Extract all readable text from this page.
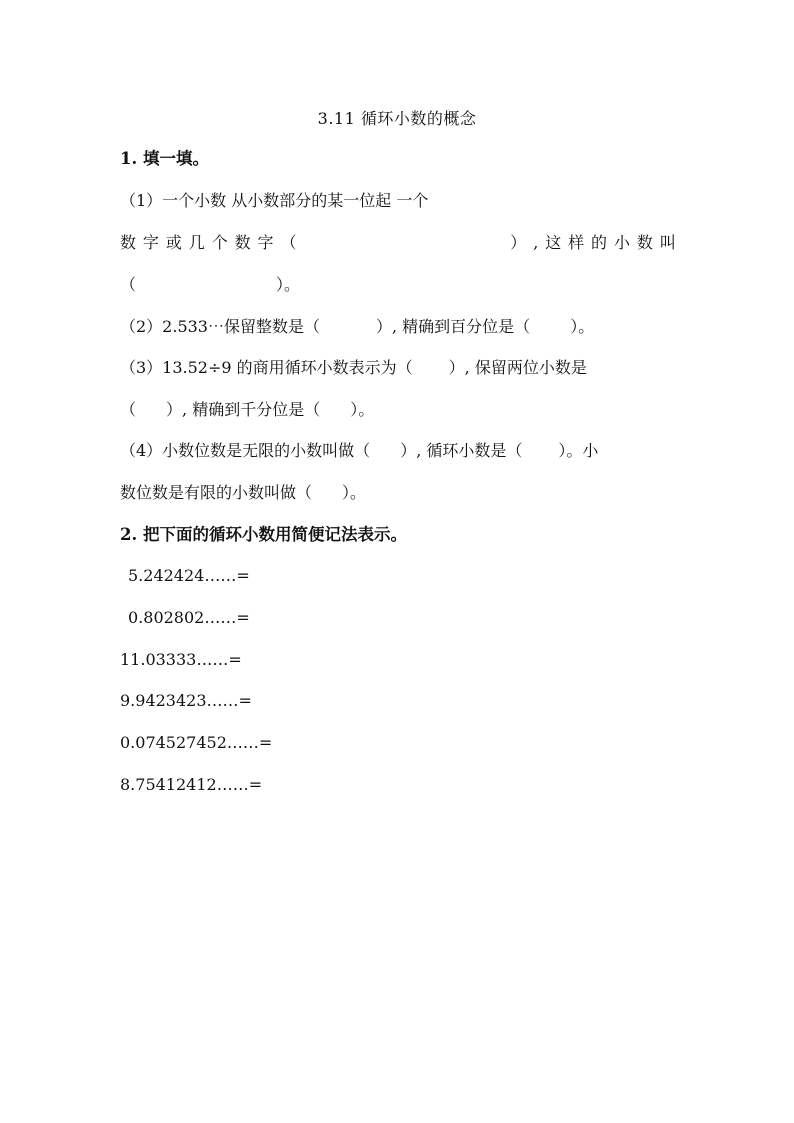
3.11 循环小数的概念
1. 填一填。
（1）一个小数 从小数部分的某一位起 一个
数 字 或 几 个 数 字 （
　　　　　　　　　　　　　	） , 这 样 的 小 数 叫
（	）。
（2）2.533⋯保留整数是（	）, 精确到百分位是（	）。
（3）13.52÷9 的商用循环小数表示为（ ）, 保留两位小数是
（ ）, 精确到千分位是（ ）。
（4）小数位数是无限的小数叫做（ ）, 循环小数是（ ）。小
数位数是有限的小数叫做（ ）。
2. 把下面的循环小数用简便记法表示。
5.242424……=
0.802802……=
11.03333……=
9.9423423……=
0.074527452……=
8.75412412……=
